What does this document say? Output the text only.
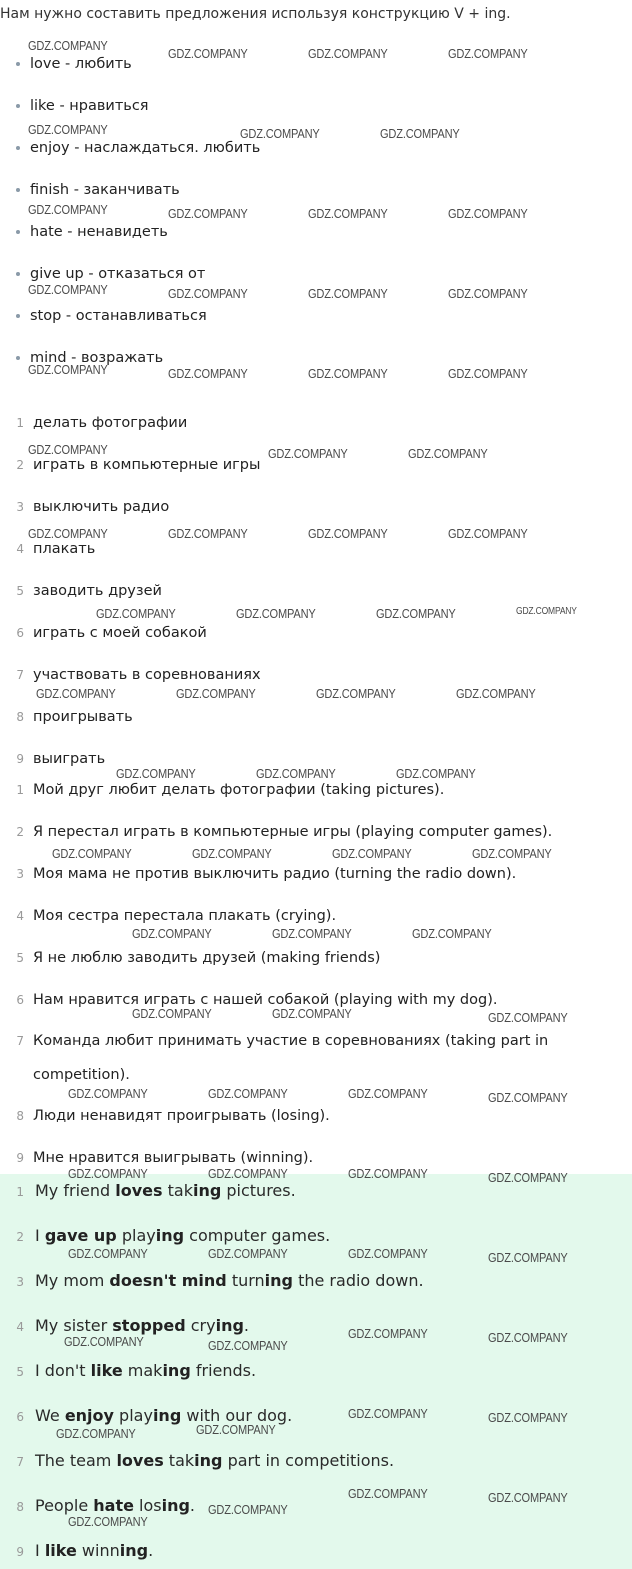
Нам нужно составить предложения используя конструкцию V + ing.
love - любить
like - нравиться
enjoy - наслаждаться. любить
finish - заканчивать
hate - ненавидеть
give up - отказаться от
stop - останавливаться
mind - возражать
1 делать фотографии
2 играть в компьютерные игры
3 выключить радио
4 плакать
5 заводить друзей
6 играть с моей собакой
7 участвовать в соревнованиях
8 проигрывать
9 выиграть
1 Мой друг любит делать фотографии (taking pictures).
2 Я перестал играть в компьютерные игры (playing computer games).
3 Моя мама не против выключить радио (turning the radio down).
4 Моя сестра перестала плакать (crying).
5 Я не люблю заводить друзей (making friends)
6 Нам нравится играть с нашей собакой (playing with my dog).
7 Команда любит принимать участие в соревнованиях (taking part in competition).
8 Люди ненавидят проигрывать (losing).
9 Мне нравится выигрывать (winning).
1 My friend loves taking pictures.
2 I gave up playing computer games.
3 My mom doesn't mind turning the radio down.
4 My sister stopped crying.
5 I don't like making friends.
6 We enjoy playing with our dog.
7 The team loves taking part in competitions.
8 People hate losing.
9 I like winning.
GDZ.COMPANY
GDZ.COMPANY	GDZ.COMPANY	GDZ.COMPANY
GDZ.COMPANY	GDZ.COMPANY	GDZ.COMPANY
GDZ.COMPANY	GDZ.COMPANY	GDZ.COMPANY	GDZ.COMPANY
GDZ.COMPANY	GDZ.COMPANY	GDZ.COMPANY	GDZ.COMPANY
GDZ.COMPANY	GDZ.COMPANY	GDZ.COMPANY	GDZ.COMPANY
GDZ.COMPANY	GDZ.COMPANY	GDZ.COMPANY
GDZ.COMPANY	GDZ.COMPANY	GDZ.COMPANY	GDZ.COMPANY
GDZ.COMPANY	GDZ.COMPANY	GDZ.COMPANY
GDZ.COMPANY	GDZ.COMPANY	GDZ.COMPANY	GDZ.COMPANY
GDZ.COMPANY	GDZ.COMPANY	GDZ.COMPANY
GDZ.COMPANY	GDZ.COMPANY	GDZ.COMPANY	GDZ.COMPANY
GDZ.COMPANY	GDZ.COMPANY	GDZ.COMPANY
GDZ.COMPANY	GDZ.COMPANY	GDZ.COMPANY
GDZ.COMPANY	GDZ.COMPANY	GDZ.COMPANY	GDZ.COMPANY
GDZ.COMPANY	GDZ.COMPANY	GDZ.COMPANY	GDZ.COMPANY
GDZ.COMPANY	GDZ.COMPANY	GDZ.COMPANY	GDZ.COMPANY
GDZ.COMPANY	GDZ.COMPANY
GDZ.COMPANY	GDZ.COMPANY
GDZ.COMPANY	GDZ.COMPANY
GDZ.COMPANY	GDZ.COMPANY
GDZ.COMPANY
GDZ.COMPANY
GDZ.COMPANY	GDZ.COMPANY
GDZ.COMPANY
